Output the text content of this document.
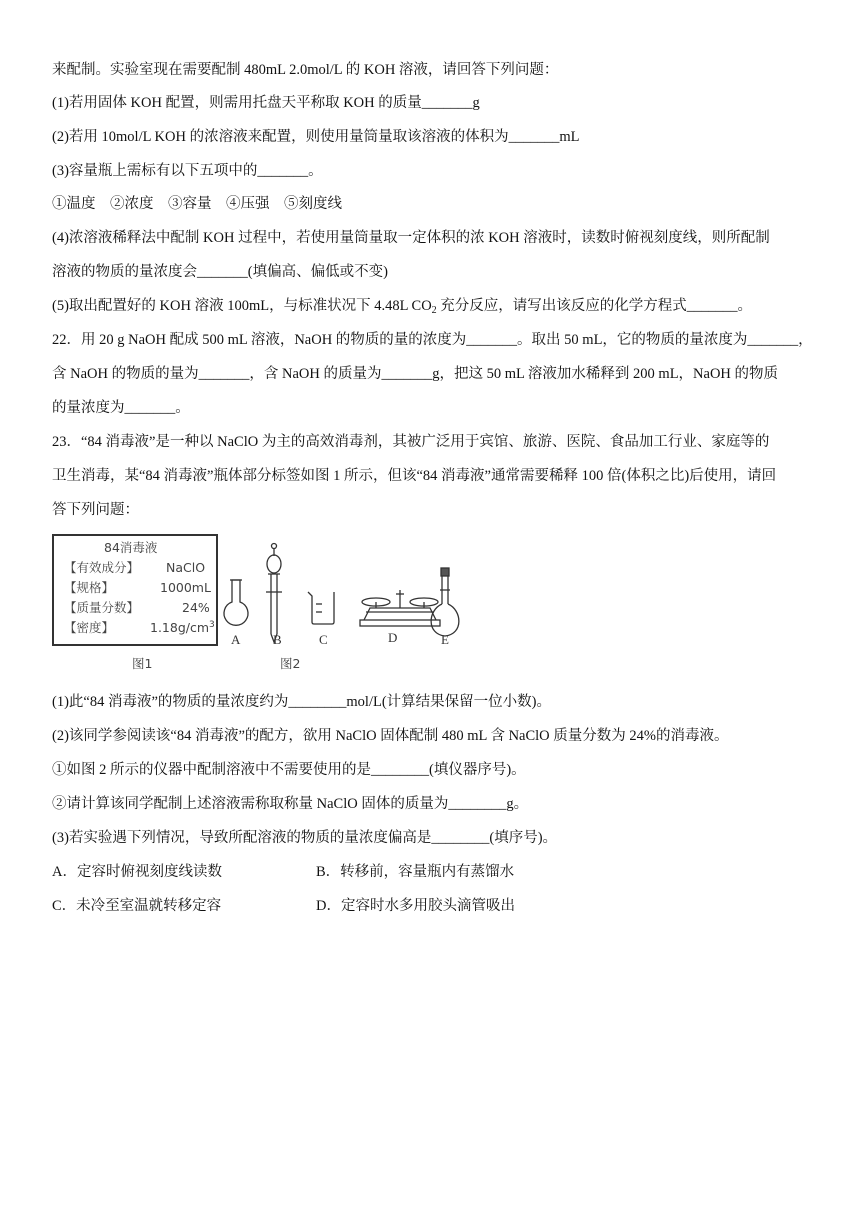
来配制。实验室现在需要配制 480mL 2.0mol/L 的 KOH 溶液，请回答下列问题：
(1)若用固体 KOH 配置，则需用托盘天平称取 KOH 的质量_______g
(2)若用 10mol/L KOH 的浓溶液来配置，则使用量筒量取该溶液的体积为_______mL
(3)容量瓶上需标有以下五项中的_______。
①温度　②浓度　③容量　④压强　⑤刻度线
(4)浓溶液稀释法中配制 KOH 过程中，若使用量筒量取一定体积的浓 KOH 溶液时，读数时俯视刻度线，则所配制
溶液的物质的量浓度会_______(填偏高、偏低或不变)
(5)取出配置好的 KOH 溶液 100mL，与标准状况下 4.48L $CO_2$ 充分反应，请写出该反应的化学方程式_______。
22．用 20 g NaOH 配成 500 mL 溶液，NaOH 的物质的量的浓度为_______。取出 50 mL，它的物质的量浓度为_______，
含 NaOH 的物质的量为_______，含 NaOH 的质量为_______g，把这 50 mL 溶液加水稀释到 200 mL，NaOH 的物质
的量浓度为_______。
23．“84 消毒液”是一种以 NaClO 为主的高效消毒剂，其被广泛用于宾馆、旅游、医院、食品加工行业、家庭等的
卫生消毒，某“84 消毒液”瓶体部分标签如图 1 所示，但该“84 消毒液”通常需要稀释 100 倍(体积之比)后使用，请回
答下列问题：
84消毒液
【有效成分】 NaClO
【规格】	1000mL
【质量分数】	24%
【密度】	$1.18g/cm^3$
图1
A	B	C	D	E
图2
(1)此“84 消毒液”的物质的量浓度约为________mol/L(计算结果保留一位小数)。
(2)该同学参阅读该“84 消毒液”的配方，欲用 NaClO 固体配制 480 mL 含 NaClO 质量分数为 24%的消毒液。
①如图 2 所示的仪器中配制溶液中不需要使用的是________(填仪器序号)。
②请计算该同学配制上述溶液需称取称量 NaClO 固体的质量为________g。
(3)若实验遇下列情况，导致所配溶液的物质的量浓度偏高是________(填序号)。
A．定容时俯视刻度线读数	B．转移前，容量瓶内有蒸馏水
C．未冷至室温就转移定容	D．定容时水多用胶头滴管吸出
